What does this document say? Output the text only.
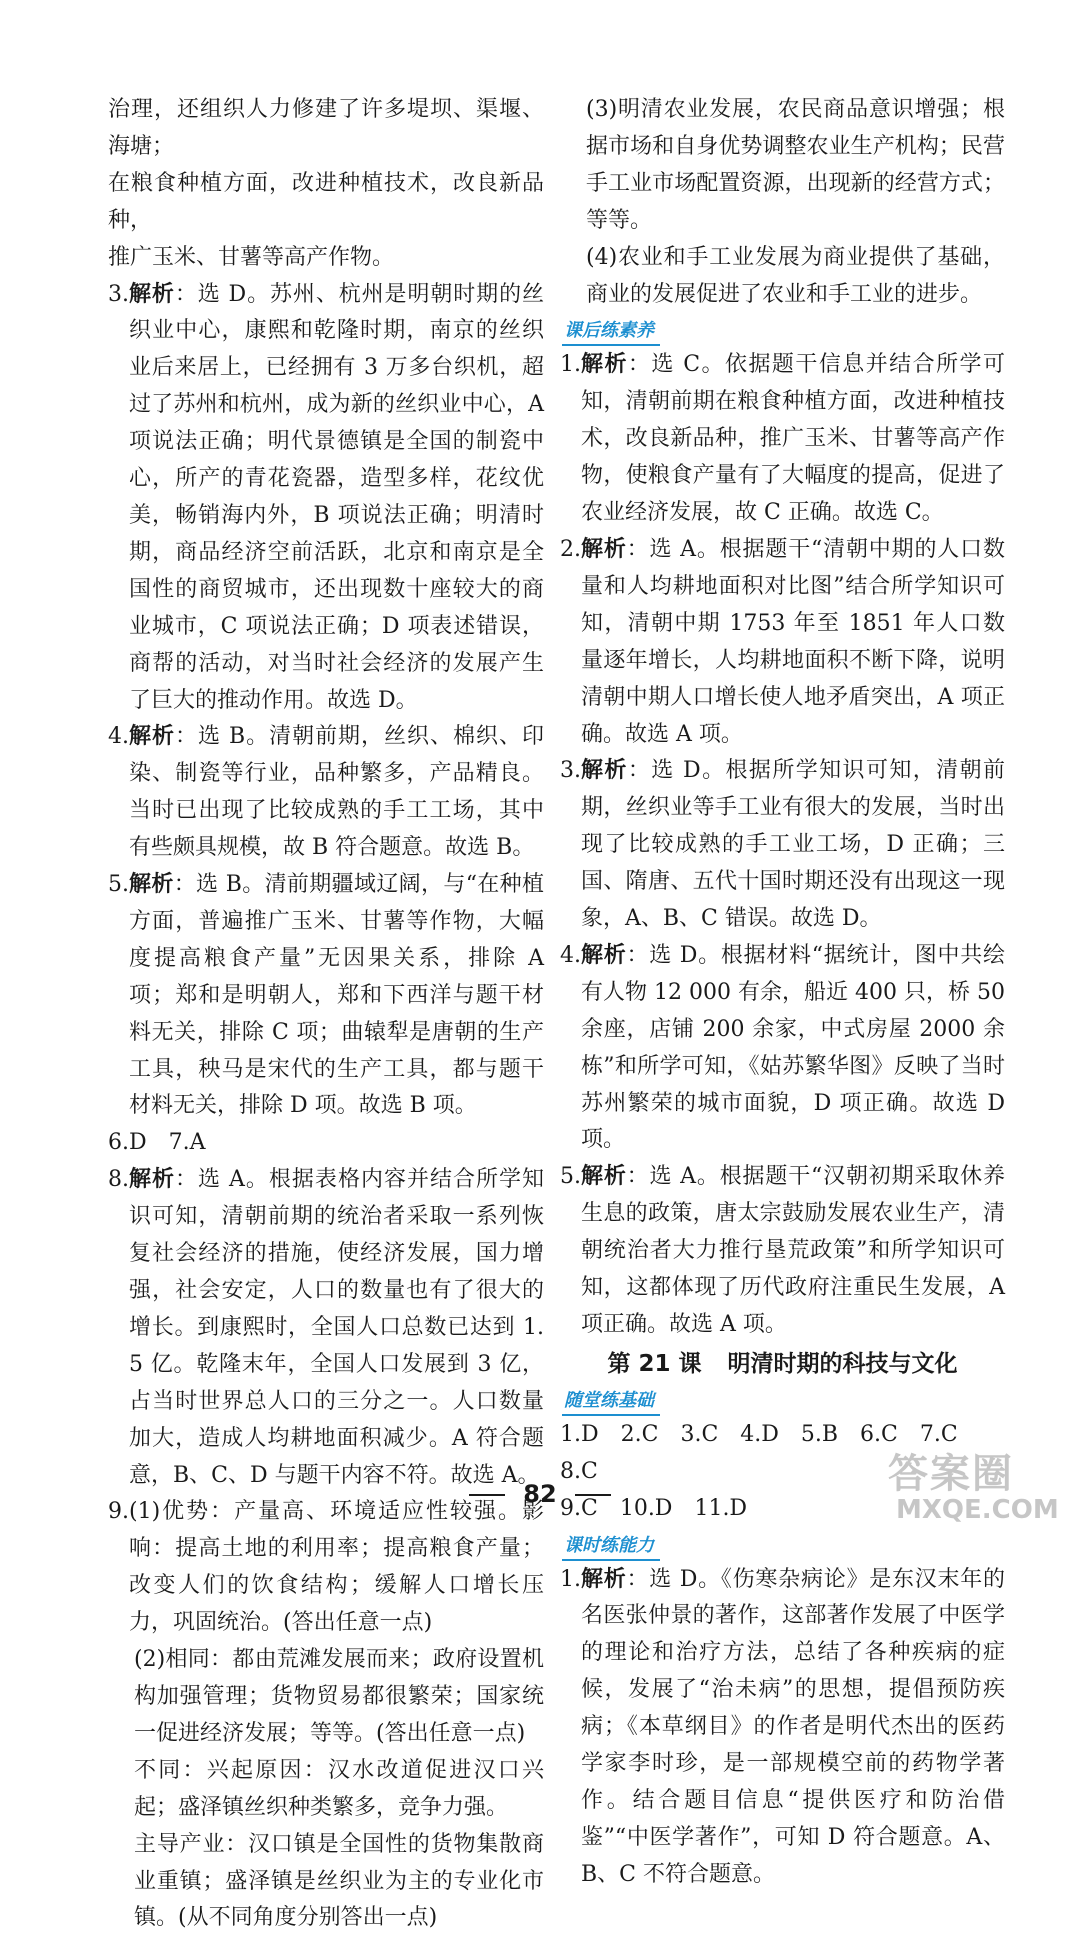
治理，还组织人力修建了许多堤坝、渠堰、海塘；
在粮食种植方面，改进种植技术，改良新品种，
推广玉米、甘薯等高产作物。
3. 解析：选 D。苏州、杭州是明朝时期的丝织业中心，康熙和乾隆时期，南京的丝织业后来居上，已经拥有 3 万多台织机，超过了苏州和杭州，成为新的丝织业中心，A 项说法正确；明代景德镇是全国的制瓷中心，所产的青花瓷器，造型多样，花纹优美，畅销海内外，B 项说法正确；明清时期，商品经济空前活跃，北京和南京是全国性的商贸城市，还出现数十座较大的商业城市，C 项说法正确；D 项表述错误，商帮的活动，对当时社会经济的发展产生了巨大的推动作用。故选 D。
4. 解析：选 B。清朝前期，丝织、棉织、印染、制瓷等行业，品种繁多，产品精良。当时已出现了比较成熟的手工工场，其中有些颇具规模，故 B 符合题意。故选 B。
5. 解析：选 B。清前期疆域辽阔，与“在种植方面，普遍推广玉米、甘薯等作物，大幅度提高粮食产量”无因果关系，排除 A 项；郑和是明朝人，郑和下西洋与题干材料无关，排除 C 项；曲辕犁是唐朝的生产工具，秧马是宋代的生产工具，都与题干材料无关，排除 D 项。故选 B 项。
6.D　7.A
8. 解析：选 A。根据表格内容并结合所学知识可知，清朝前期的统治者采取一系列恢复社会经济的措施，使经济发展，国力增强，社会安定，人口的数量也有了很大的增长。到康熙时，全国人口总数已达到 1.5 亿。乾隆末年，全国人口发展到 3 亿，占当时世界总人口的三分之一。人口数量加大，造成人均耕地面积减少。A 符合题意，B、C、D 与题干内容不符。故选 A。
9. (1)优势：产量高、环境适应性较强。影响：提高土地的利用率；提高粮食产量；改变人们的饮食结构；缓解人口增长压力，巩固统治。(答出任意一点)
(2)相同：都由荒滩发展而来；政府设置机构加强管理；货物贸易都很繁荣；国家统一促进经济发展；等等。(答出任意一点)
不同：兴起原因：汉水改道促进汉口兴起；盛泽镇丝织种类繁多，竞争力强。
主导产业：汉口镇是全国性的货物集散商业重镇；盛泽镇是丝织业为主的专业化市镇。(从不同角度分别答出一点)
(3)明清农业发展，农民商品意识增强；根据市场和自身优势调整农业生产机构；民营手工业市场配置资源，出现新的经营方式；等等。
(4)农业和手工业发展为商业提供了基础，商业的发展促进了农业和手工业的进步。
课后练素养
1. 解析：选 C。依据题干信息并结合所学可知，清朝前期在粮食种植方面，改进种植技术，改良新品种，推广玉米、甘薯等高产作物，使粮食产量有了大幅度的提高，促进了农业经济发展，故 C 正确。故选 C。
2. 解析：选 A。根据题干“清朝中期的人口数量和人均耕地面积对比图”结合所学知识可知，清朝中期 1753 年至 1851 年人口数量逐年增长，人均耕地面积不断下降，说明清朝中期人口增长使人地矛盾突出，A 项正确。故选 A 项。
3. 解析：选 D。根据所学知识可知，清朝前期，丝织业等手工业有很大的发展，当时出现了比较成熟的手工业工场，D 正确；三国、隋唐、五代十国时期还没有出现这一现象，A、B、C 错误。故选 D。
4. 解析：选 D。根据材料“据统计，图中共绘有人物 12 000 有余，船近 400 只，桥 50 余座，店铺 200 余家，中式房屋 2000 余栋”和所学可知，《姑苏繁华图》反映了当时苏州繁荣的城市面貌，D 项正确。故选 D 项。
5. 解析：选 A。根据题干“汉朝初期采取休养生息的政策，唐太宗鼓励发展农业生产，清朝统治者大力推行垦荒政策”和所学知识可知，这都体现了历代政府注重民生发展，A 项正确。故选 A 项。
第 21 课 明清时期的科技与文化
随堂练基础
1.D　2.C　3.C　4.D　5.B　6.C　7.C　8.C
9.C　10.D　11.D
课时练能力
1. 解析：选 D。《伤寒杂病论》是东汉末年的名医张仲景的著作，这部著作发展了中医学的理论和治疗方法，总结了各种疾病的症候，发展了“治未病”的思想，提倡预防疾病；《本草纲目》的作者是明代杰出的医药学家李时珍，是一部规模空前的药物学著作。结合题目信息“提供医疗和防治借鉴”“中医学著作”，可知 D 符合题意。A、B、C 不符合题意。
82	答案圈
MXQE.COM
